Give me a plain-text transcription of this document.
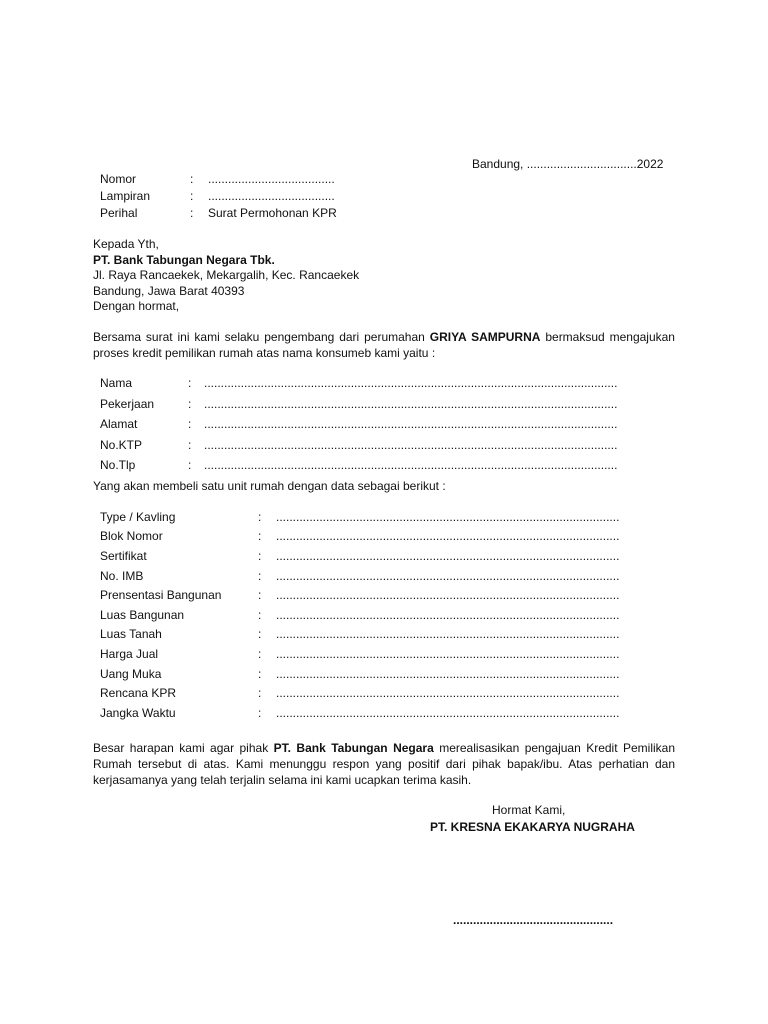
Bandung, .................................2022
Nomor	: ......................................
Lampiran	: ......................................
Perihal	: Surat Permohonan KPR
Kepada Yth,
PT. Bank Tabungan Negara Tbk.
Jl. Raya Rancaekek, Mekargalih, Kec. Rancaekek
Bandung, Jawa Barat 40393
Dengan hormat,
Bersama surat ini kami selaku pengembang dari perumahan GRIYA SAMPURNA bermaksud mengajukan proses kredit pemilikan rumah atas nama konsumeb kami yaitu :
Nama	: ............................................................................................................................
Pekerjaan	: ............................................................................................................................
Alamat	: ............................................................................................................................
No.KTP	: ............................................................................................................................
No.Tlp	: ............................................................................................................................
Yang akan membeli satu unit rumah dengan data sebagai berikut :
Type / Kavling	: .......................................................................................................
Blok Nomor	: .......................................................................................................
Sertifikat	: .......................................................................................................
No. IMB	: .......................................................................................................
Prensentasi Bangunan	: .......................................................................................................
Luas Bangunan	: .......................................................................................................
Luas Tanah	: .......................................................................................................
Harga Jual	: .......................................................................................................
Uang Muka	: .......................................................................................................
Rencana KPR	: .......................................................................................................
Jangka Waktu	: .......................................................................................................
Besar harapan kami agar pihak PT. Bank Tabungan Negara merealisasikan pengajuan Kredit Pemilikan Rumah tersebut di atas. Kami menunggu respon yang positif dari pihak bapak/ibu. Atas perhatian dan kerjasamanya yang telah terjalin selama ini kami ucapkan terima kasih.
Hormat Kami,
PT. KRESNA EKAKARYA NUGRAHA
................................................
